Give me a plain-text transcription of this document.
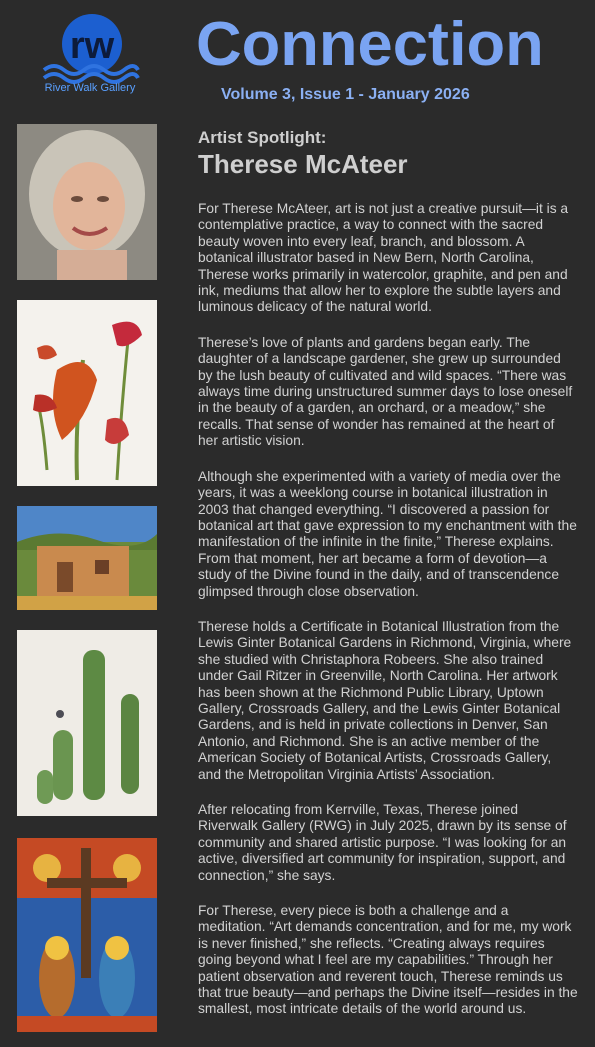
rw
River Walk Gallery
Connection
Volume 3, Issue 1 - January 2026
Artist Spotlight:
Therese McAteer

For Therese McAteer, art is not just a creative pursuit—it is a contemplative practice, a way to connect with the sacred beauty woven into every leaf, branch, and blossom. A botanical illustrator based in New Bern, North Carolina, Therese works primarily in watercolor, graphite, and pen and ink, mediums that allow her to explore the subtle layers and luminous delicacy of the natural world.

Therese’s love of plants and gardens began early. The daughter of a landscape gardener, she grew up surrounded by the lush beauty of cultivated and wild spaces. “There was always time during unstructured summer days to lose oneself in the beauty of a garden, an orchard, or a meadow,” she recalls. That sense of wonder has remained at the heart of her artistic vision.

Although she experimented with a variety of media over the years, it was a weeklong course in botanical illustration in 2003 that changed everything. “I discovered a passion for botanical art that gave expression to my enchantment with the manifestation of the infinite in the finite,” Therese explains. From that moment, her art became a form of devotion—a study of the Divine found in the daily, and of transcendence glimpsed through close observation.

Therese holds a Certificate in Botanical Illustration from the Lewis Ginter Botanical Gardens in Richmond, Virginia, where she studied with Christaphora Robeers. She also trained under Gail Ritzer in Greenville, North Carolina. Her artwork has been shown at the Richmond Public Library, Uptown Gallery, Crossroads Gallery, and the Lewis Ginter Botanical Gardens, and is held in private collections in Denver, San Antonio, and Richmond. She is an active member of the American Society of Botanical Artists, Crossroads Gallery, and the Metropolitan Virginia Artists’ Association.

After relocating from Kerrville, Texas, Therese joined Riverwalk Gallery (RWG) in July 2025, drawn by its sense of community and shared artistic purpose. “I was looking for an active, diversified art community for inspiration, support, and connection,” she says.

For Therese, every piece is both a challenge and a meditation. “Art demands concentration, and for me, my work is never finished,” she reflects. “Creating always requires going beyond what I feel are my capabilities.” Through her patient observation and reverent touch, Therese reminds us that true beauty—and perhaps the Divine itself—resides in the smallest, most intricate details of the world around us.
